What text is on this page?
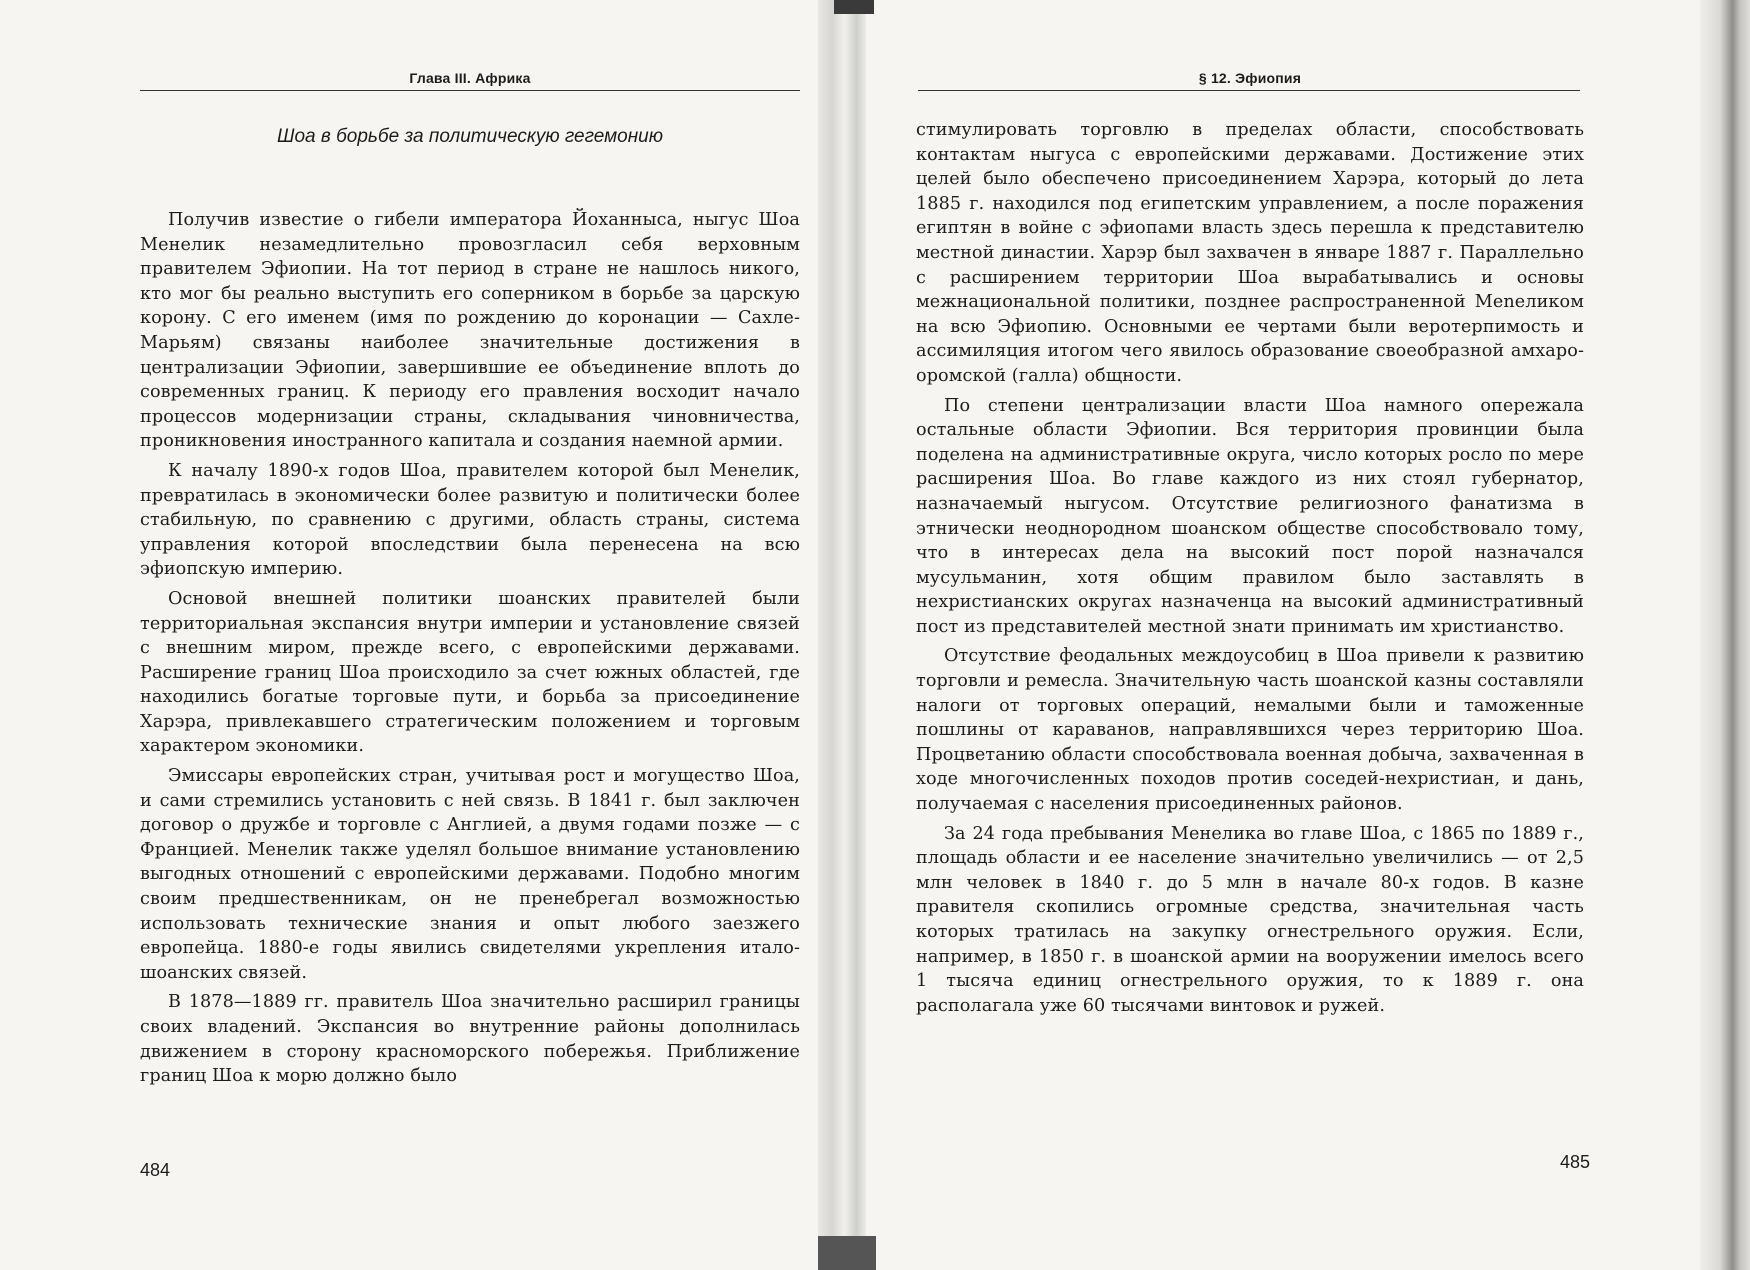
Глава III. Африка
Шоа в борьбе за политическую гегемонию

Получив известие о гибели императора Йоханныса, ныгус Шоа Менелик незамедлительно провозгласил себя верховным правителем Эфиопии. На тот период в стране не нашлось никого, кто мог бы реально выступить его соперником в борьбе за царскую корону. С его именем (имя по рождению до коронации — Сахле-Марьям) связаны наиболее значительные достижения в централизации Эфиопии, завершившие ее объединение вплоть до современных границ. К периоду его правления восходит начало процессов модернизации страны, складывания чиновничества, проникновения иностранного капитала и создания наемной армии.

К началу 1890-х годов Шоа, правителем которой был Менелик, превратилась в экономически более развитую и политически более стабильную, по сравнению с другими, область страны, система управления которой впоследствии была перенесена на всю эфиопскую империю.

Основой внешней политики шоанских правителей были территориальная экспансия внутри империи и установление связей с внешним миром, прежде всего, с европейскими державами. Расширение границ Шоа происходило за счет южных областей, где находились богатые торговые пути, и борьба за присоединение Харэра, привлекавшего стратегическим положением и торговым характером экономики.

Эмиссары европейских стран, учитывая рост и могущество Шоа, и сами стремились установить с ней связь. В 1841 г. был заключен договор о дружбе и торговле с Англией, а двумя годами позже — с Францией. Менелик также уделял большое внимание установлению выгодных отношений с европейскими державами. Подобно многим своим предшественникам, он не пренебрегал возможностью использовать технические знания и опыт любого заезжего европейца. 1880-е годы явились свидетелями укрепления итало-шоанских связей.

В 1878—1889 гг. правитель Шоа значительно расширил границы своих владений. Экспансия во внутренние районы дополнилась движением в сторону красноморского побережья. Приближение границ Шоа к морю должно было

484
§ 12. Эфиопия

стимулировать торговлю в пределах области, способствовать контактам ныгуса с европейскими державами. Достижение этих целей было обеспечено присоединением Харэра, который до лета 1885 г. находился под египетским управлением, а после поражения египтян в войне с эфиопами власть здесь перешла к представителю местной династии. Харэр был захвачен в январе 1887 г. Параллельно с расширением территории Шоа вырабатывались и основы межнациональной политики, позднее распространенной Меneликом на всю Эфиопию. Основными ее чертами были веротерпимость и ассимиляция итогом чего явилось образование своеобразной амхаро-оромской (галла) общности.

По степени централизации власти Шоа намного опережала остальные области Эфиопии. Вся территория провинции была поделена на административные округа, число которых росло по мере расширения Шоа. Во главе каждого из них стоял губернатор, назначаемый ныгусом. Отсутствие религиозного фанатизма в этнически неоднородном шоанском обществе способствовало тому, что в интересах дела на высокий пост порой назначался мусульманин, хотя общим правилом было заставлять в нехристианских округах назначенца на высокий административный пост из представителей местной знати принимать им христианство.

Отсутствие феодальных междоусобиц в Шоа привели к развитию торговли и ремесла. Значительную часть шоанской казны составляли налоги от торговых операций, немалыми были и таможенные пошлины от караванов, направлявшихся через территорию Шоа. Процветанию области способствовала военная добыча, захваченная в ходе многочисленных походов против соседей-нехристиан, и дань, получаемая с населения присоединенных районов.

За 24 года пребывания Менелика во главе Шоа, с 1865 по 1889 г., площадь области и ее население значительно увеличились — от 2,5 млн человек в 1840 г. до 5 млн в начале 80-х годов. В казне правителя скопились огромные средства, значительная часть которых тратилась на закупку огнестрельного оружия. Если, например, в 1850 г. в шоанской армии на вооружении имелось всего 1 тысяча единиц огнестрельного оружия, то к 1889 г. она располагала уже 60 тысячами винтовок и ружей.

485
